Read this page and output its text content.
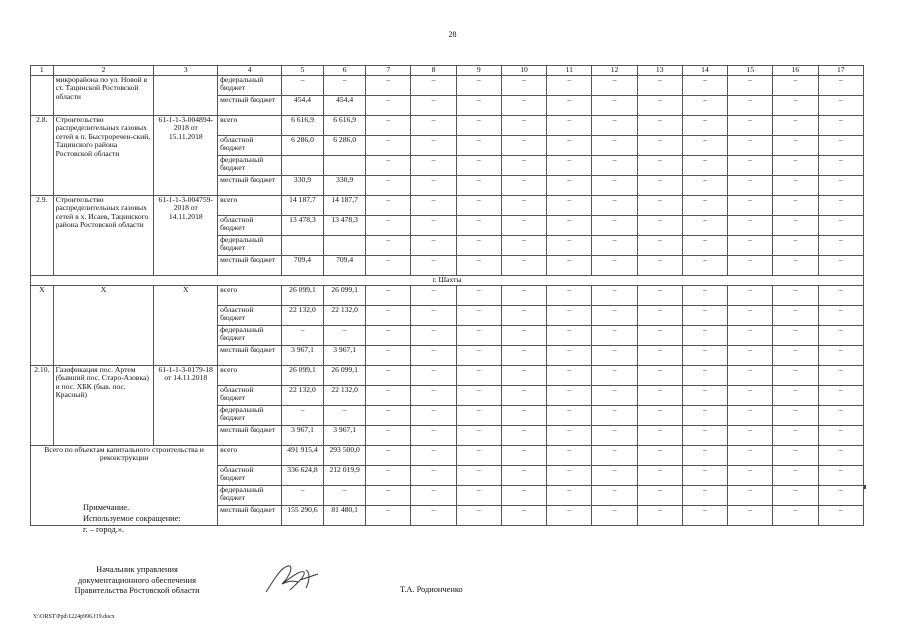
28
1	2	3	4	5	6	7	8	9	10	11	12	13	14	15	16	17
	микрорайона по ул. Новой в ст. Тацинской Ростовской области		федеральный бюджет	–	–	–	–	–	–	–	–	–	–	–	–	–
			местный бюджет	454,4	454,4	–	–	–	–	–	–	–	–	–	–	–
2.8.	Строительство распределительных газовых сетей в п. Быстроречен-ский, Тацинского района Ростовской области	61-1-1-3-004894-2018 от 15.11.2018	всего	6 616,9	6 616,9	–	–	–	–	–	–	–	–	–	–	–
			областной бюджет	6 286,0	6 286,0	–	–	–	–	–	–	–	–	–	–	–
			федеральный бюджет			–	–	–	–	–	–	–	–	–	–	–
			местный бюджет	330,9	330,9	–	–	–	–	–	–	–	–	–	–	–
2.9.	Строительство распределительных газовых сетей в х. Исаев, Тацинского района Ростовской области	61-1-1-3-004759-2018 от 14.11.2018	всего	14 187,7	14 187,7	–	–	–	–	–	–	–	–	–	–	–
			областной бюджет	13 478,3	13 478,3	–	–	–	–	–	–	–	–	–	–	–
			федеральный бюджет			–	–	–	–	–	–	–	–	–	–	–
			местный бюджет	709,4	709,4	–	–	–	–	–	–	–	–	–	–	–
г. Шахты																
Х	Х	Х	всего	26 099,1	26 099,1	–	–	–	–	–	–	–	–	–	–	–
			областной бюджет	22 132,0	22 132,0	–	–	–	–	–	–	–	–	–	–	–
			федеральный бюджет	–	–	–	–	–	–	–	–	–	–	–	–	–
			местный бюджет	3 967,1	3 967,1	–	–	–	–	–	–	–	–	–	–	–
2.10.	Газификация пос. Артем (бывший пос. Старо-Азовка) и пос. ХБК (быв. пос. Красный)	61-1-1-3-0179-18 от 14.11.2018	всего	26 099,1	26 099,1	–	–	–	–	–	–	–	–	–	–	–
			областной бюджет	22 132,0	22 132,0	–	–	–	–	–	–	–	–	–	–	–
			федеральный бюджет	–	–	–	–	–	–	–	–	–	–	–	–	–
			местный бюджет	3 967,1	3 967,1	–	–	–	–	–	–	–	–	–	–	–
Всего по объектам капитального строительства и реконструкции			всего	491 915,4	293 500,0	–	–	–	–	–	–	–	–	–	–	–
			областной бюджет	336 624,8	212 019,9	–	–	–	–	–	–	–	–	–	–	–
			федеральный бюджет	–	–	–	–	–	–	–	–	–	–	–	–	–
			местный бюджет	155 290,6	81 480,1	–	–	–	–	–	–	–	–	–	–	–
Примечание.
Используемое сокращение:
г. – город.».
Начальник управления
документационного обеспечения
Правительства Ростовской области	Т.А. Родионченко
Y:\ORST\Ppd\1224p996.f19.docx
